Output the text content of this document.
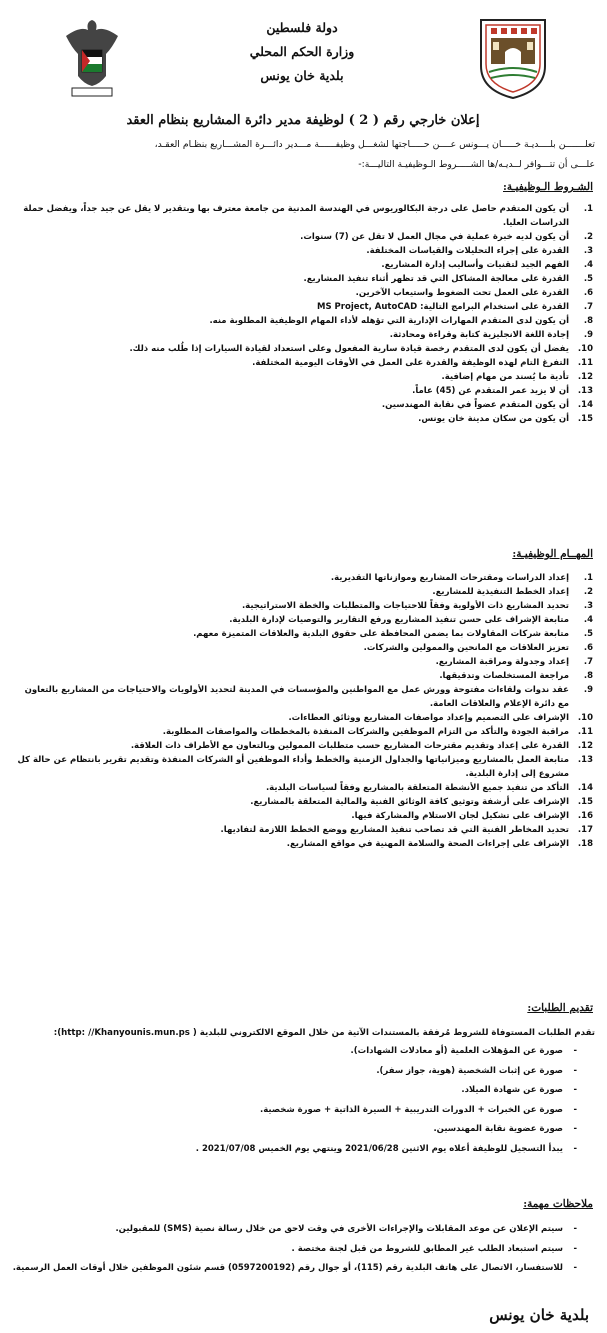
دولة فلسطين
وزارة الحكم المحلي
بلدية خان يونس
إعلان خارجي رقم ( 2 ) لوظيفة مدير دائرة المشاريع بنظام العقد
تعلـــــــن بلــــديـة خـــــان يـــونس عــــن حـــــاجتها لشغـــل وظيفــــــة مـــدير دائـــرة المشـــاريع بنظـام العقـد،
علـــى أن تتـــوافر لــديـه/ها الشـــــروط الـوظيفيـة التاليـــة:-
الشـروط الـوظيفيـة:
1.
أن يكون المتقدم حاصل على درجة البكالوريوس في الهندسة المدنية من جامعة معترف بها وبتقدير لا يقل عن جيد جداً، ويفضل حملة الدراسات العليا.
2.
أن يكون لديه خبرة عملية في مجال العمل لا تقل عن (7) سنوات.
3.
القدرة على إجراء التحليلات والقياسات المختلفة.
4.
الفهم الجيد لتقنيات وأساليب إدارة المشاريع.
5.
القدرة على معالجة المشاكل التي قد تظهر أثناء تنفيذ المشاريع.
6.
القدرة على العمل تحت الضغوط واستيعاب الآخرين.
7.
القدرة على استخدام البرامج التالية: MS Project, AutoCAD
8.
أن يكون لدى المتقدم المهارات الإدارية التي تؤهله لأداء المهام الوظيفية المطلوبة منه.
9.
إجادة اللغة الانجليزية كتابة وقراءة ومحادثة.
10.
يفضل أن يكون لدى المتقدم رخصة قيادة سارية المفعول وعلى استعداد لقيادة السيارات إذا طُلب منه ذلك.
11.
التفرغ التام لهذه الوظيفة والقدرة على العمل في الأوقات اليومية المختلفة.
12.
تأدية ما يُسند من مهام إضافية.
13.
أن لا يزيد عمر المتقدم عن (45) عاماً.
14.
أن يكون المتقدم عضواً في نقابة المهندسين.
15.
أن يكون من سكان مدينة خان يونس.
المهــام الوظيفيـة:
1.
إعداد الدراسات ومقترحات المشاريع وموازناتها التقديرية.
2.
إعداد الخطط التنفيذية للمشاريع.
3.
تحديد المشاريع ذات الأولوية وفقاً للاحتياجات والمتطلبات والخطة الاستراتيجية.
4.
متابعة الإشراف على حسن تنفيذ المشاريع ورفع التقارير والتوصيات لإدارة البلدية.
5.
متابعة شركات المقاولات بما يضمن المحافظة على حقوق البلدية والعلاقات المتميزة معهم.
6.
تعزيز العلاقات مع المانحين والممولين والشركات.
7.
إعداد وجدولة ومراقبة المشاريع.
8.
مراجعة المستخلصات وتدقيقها.
9.
عقد ندوات ولقاءات مفتوحة وورش عمل مع المواطنين والمؤسسات في المدينة لتحديد الأولويات والاحتياجات من المشاريع بالتعاون مع دائرة الإعلام والعلاقات العامة.
10.
الإشراف على التصميم وإعداد مواصفات المشاريع ووثائق العطاءات.
11.
مراقبة الجودة والتأكد من التزام الموظفين والشركات المنفذة بالمخططات والمواصفات المطلوبة.
12.
القدرة على إعداد وتقديم مقترحات المشاريع حسب متطلبات الممولين وبالتعاون مع الأطراف ذات العلاقة.
13.
متابعة العمل بالمشاريع وميزانياتها والجداول الزمنية والخطط وأداء الموظفين أو الشركات المنفذة وتقديم تقرير بانتظام عن حالة كل مشروع إلى إدارة البلدية.
14.
التأكد من تنفيذ جميع الأنشطة المتعلقة بالمشاريع وفقاً لسياسات البلدية.
15.
الإشراف على أرشفة وتوثيق كافة الوثائق الفنية والمالية المتعلقة بالمشاريع.
16.
الإشراف على تشكيل لجان الاستلام والمشاركة فيها.
17.
تحديد المخاطر الفنية التي قد تصاحب تنفيذ المشاريع ووضع الخطط اللازمة لتفاديها.
18.
الإشراف على إجراءات الصحة والسلامة المهنية في مواقع المشاريع.
تقديم الطلبات:
تقدم الطلبات المستوفاة للشروط مُرفقة بالمستندات الآتية من خلال الموقع الالكتروني للبلدية ( http: //Khanyounis.mun.ps):
-
صورة عن المؤهلات العلمية (أو معادلات الشهادات).
-
صورة عن إثبات الشخصية (هوية، جواز سفر).
-
صورة عن شهادة الميلاد.
-
صورة عن الخبرات + الدورات التدريبية + السيرة الذاتية + صورة شخصية.
-
صورة عضوية نقابة المهندسين.
-
يبدأ التسجيل للوظيفة أعلاه يوم الاثنين 2021/06/28 وينتهي يوم الخميس 2021/07/08 .
ملاحظات مهمة:
-
سيتم الإعلان عن موعد المقابلات والإجراءات الأخرى في وقت لاحق من خلال رسالة نصية (SMS) للمقبولين.
-
سيتم استبعاد الطلب غير المطابق للشروط من قبل لجنة مختصة .
-
للاستفسار، الاتصال على هاتف البلدية رقم (115)، أو جوال رقم (0597200192) قسم شئون الموظفين خلال أوقات العمل الرسمية.
بلدية خان يونس
